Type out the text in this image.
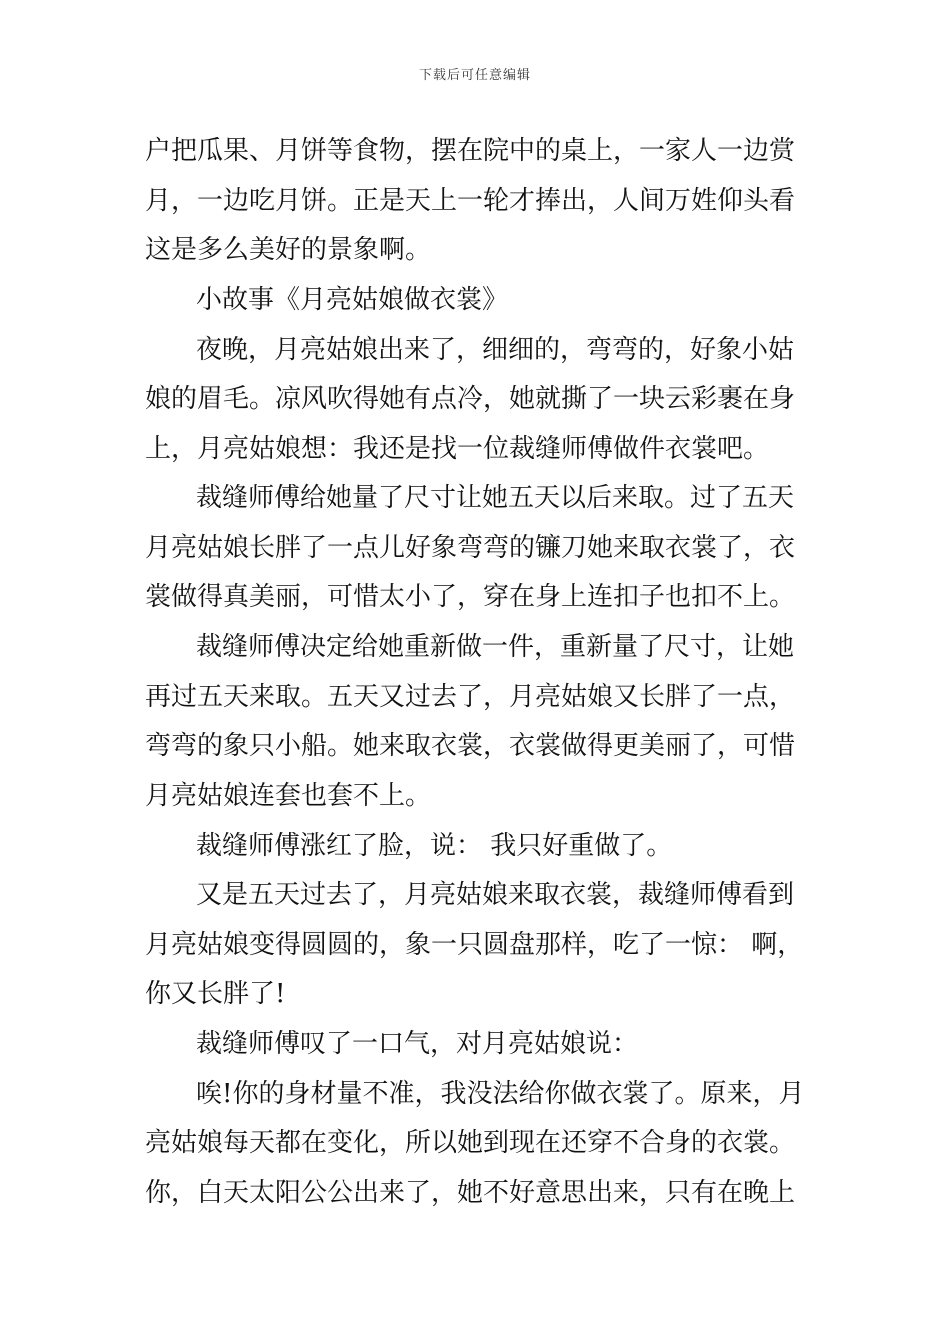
下载后可任意编辑
户把瓜果、月饼等食物，摆在院中的桌上，一家人一边赏
月，一边吃月饼。正是天上一轮才捧出，人间万姓仰头看
这是多么美好的景象啊。
小故事《月亮姑娘做衣裳》
夜晚，月亮姑娘出来了，细细的，弯弯的，好象小姑
娘的眉毛。凉风吹得她有点冷，她就撕了一块云彩裹在身
上，月亮姑娘想：我还是找一位裁缝师傅做件衣裳吧。
裁缝师傅给她量了尺寸让她五天以后来取。过了五天
月亮姑娘长胖了一点儿好象弯弯的镰刀她来取衣裳了，衣
裳做得真美丽，可惜太小了，穿在身上连扣子也扣不上。
裁缝师傅决定给她重新做一件，重新量了尺寸，让她
再过五天来取。五天又过去了，月亮姑娘又长胖了一点，
弯弯的象只小船。她来取衣裳，衣裳做得更美丽了，可惜
月亮姑娘连套也套不上。
裁缝师傅涨红了脸，说： 我只好重做了。
又是五天过去了，月亮姑娘来取衣裳，裁缝师傅看到
月亮姑娘变得圆圆的，象一只圆盘那样，吃了一惊： 啊，
你又长胖了!
裁缝师傅叹了一口气，对月亮姑娘说：
唉!你的身材量不准，我没法给你做衣裳了。原来，月
亮姑娘每天都在变化，所以她到现在还穿不合身的衣裳。
你，白天太阳公公出来了，她不好意思出来，只有在晚上
